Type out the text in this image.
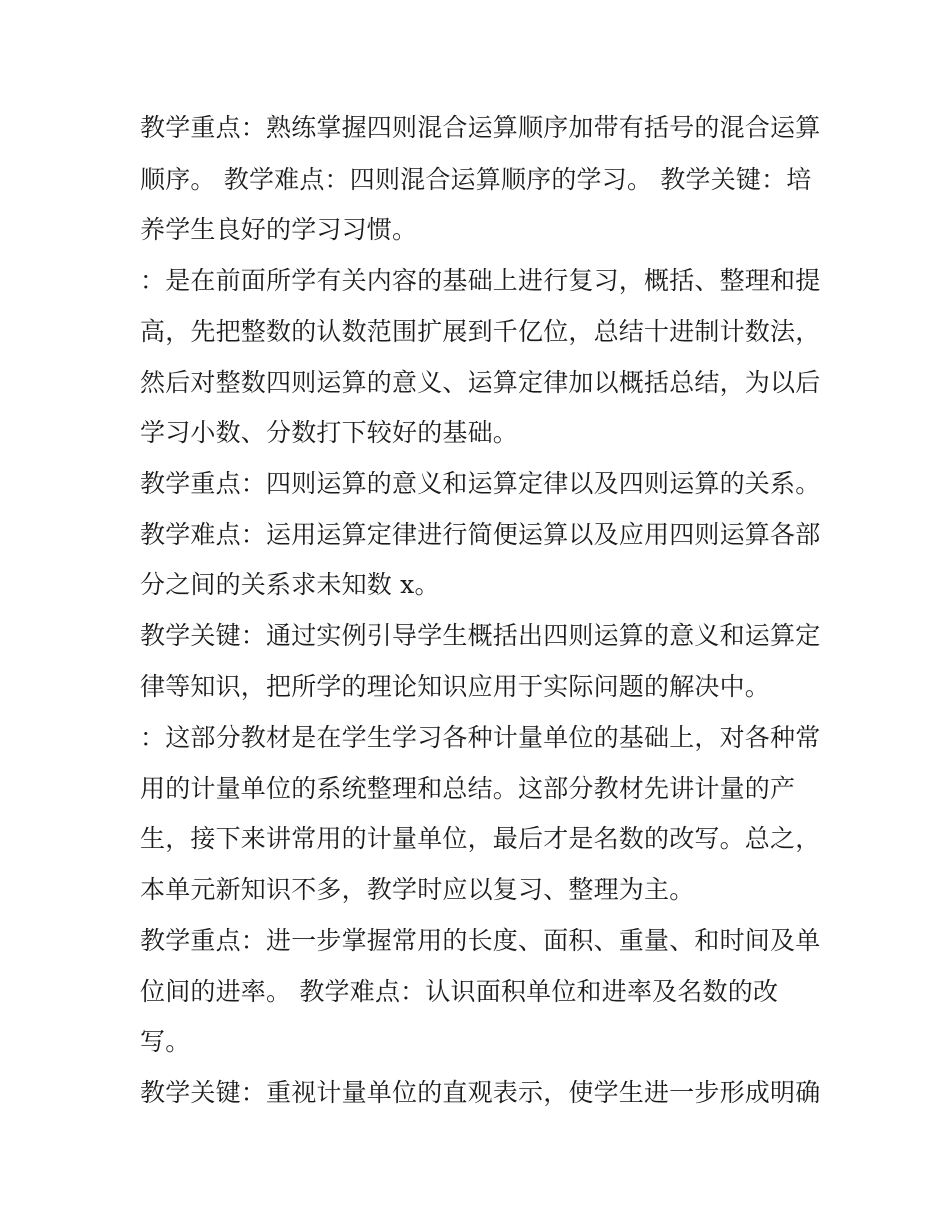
教学重点：熟练掌握四则混合运算顺序加带有括号的混合运算
顺序。 教学难点：四则混合运算顺序的学习。 教学关键：培
养学生良好的学习习惯。
：是在前面所学有关内容的基础上进行复习，概括、整理和提
高，先把整数的认数范围扩展到千亿位，总结十进制计数法，
然后对整数四则运算的意义、运算定律加以概括总结，为以后
学习小数、分数打下较好的基础。
教学重点：四则运算的意义和运算定律以及四则运算的关系。
教学难点：运用运算定律进行简便运算以及应用四则运算各部
分之间的关系求未知数 x。
教学关键：通过实例引导学生概括出四则运算的意义和运算定
律等知识，把所学的理论知识应用于实际问题的解决中。
：这部分教材是在学生学习各种计量单位的基础上，对各种常
用的计量单位的系统整理和总结。这部分教材先讲计量的产
生，接下来讲常用的计量单位，最后才是名数的改写。总之，
本单元新知识不多，教学时应以复习、整理为主。
教学重点：进一步掌握常用的长度、面积、重量、和时间及单
位间的进率。 教学难点：认识面积单位和进率及名数的改
写。
教学关键：重视计量单位的直观表示，使学生进一步形成明确
